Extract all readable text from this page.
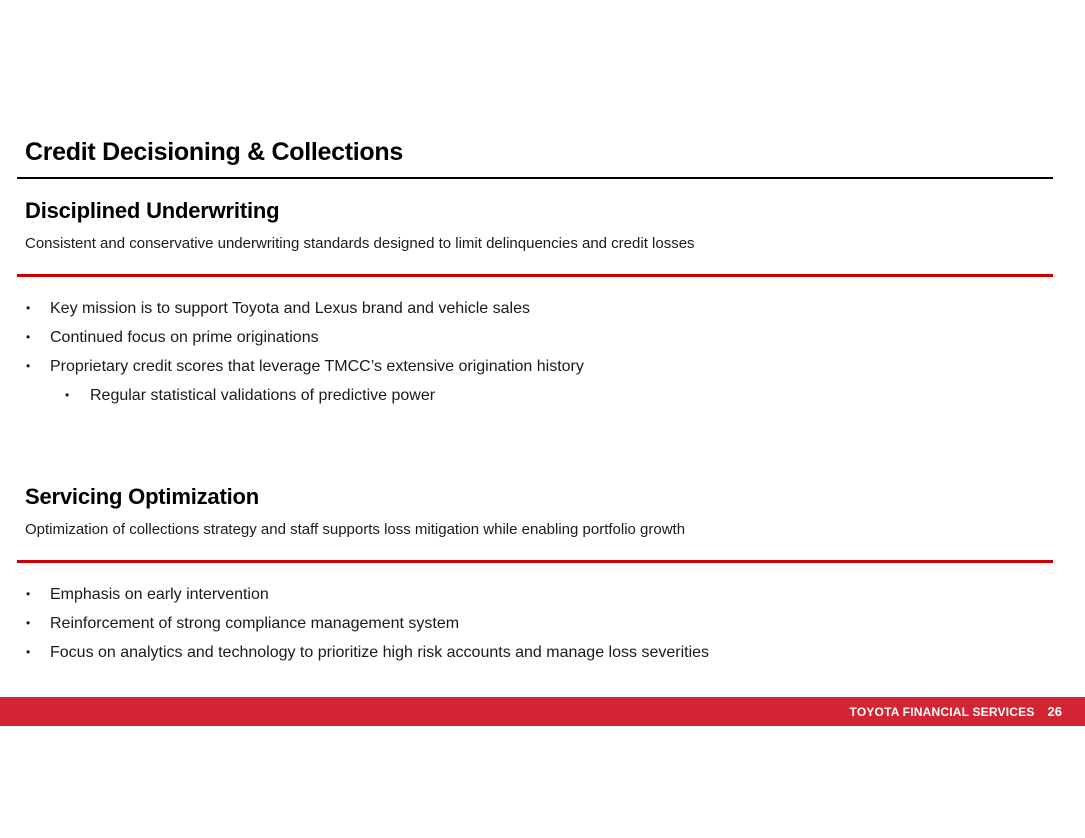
Credit Decisioning & Collections
Disciplined Underwriting

Consistent and conservative underwriting standards designed to limit delinquencies and credit losses

• Key mission is to support Toyota and Lexus brand and vehicle sales
• Continued focus on prime originations
• Proprietary credit scores that leverage TMCC’s extensive origination history
• Regular statistical validations of predictive power
Servicing Optimization

Optimization of collections strategy and staff supports loss mitigation while enabling portfolio growth

• Emphasis on early intervention
• Reinforcement of strong compliance management system
• Focus on analytics and technology to prioritize high risk accounts and manage loss severities
TOYOTA FINANCIAL SERVICES 26
